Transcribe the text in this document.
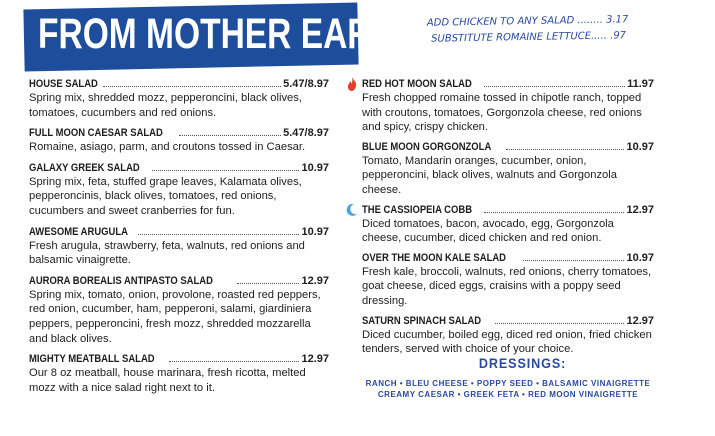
FROM MOTHER EARTH ADD CHICKEN TO ANY SALAD ........ 3.17
SUBSTITUTE ROMAINE LETTUCE..... .97
HOUSE SALAD	5.47/8.97
Spring mix, shredded mozz, pepperoncini, black olives, tomatoes, cucumbers and red onions.
FULL MOON CAESAR SALAD	5.47/8.97
Romaine, asiago, parm, and croutons tossed in Caesar.
GALAXY GREEK SALAD	10.97
Spring mix, feta, stuffed grape leaves, Kalamata olives, pepperoncinis, black olives, tomatoes, red onions, cucumbers and sweet cranberries for fun.
AWESOME ARUGULA	10.97
Fresh arugula, strawberry, feta, walnuts, red onions and balsamic vinaigrette.
AURORA BOREALIS ANTIPASTO SALAD	12.97
Spring mix, tomato, onion, provolone, roasted red peppers, red onion, cucumber, ham, pepperoni, salami, giardiniera peppers, pepperoncini, fresh mozz, shredded mozzarella and black olives.
MIGHTY MEATBALL SALAD	12.97
Our 8 oz meatball, house marinara, fresh ricotta, melted mozz with a nice salad right next to it.
RED HOT MOON SALAD	11.97
Fresh chopped romaine tossed in chipotle ranch, topped with croutons, tomatoes, Gorgonzola cheese, red onions and spicy, crispy chicken.
BLUE MOON GORGONZOLA	10.97
Tomato, Mandarin oranges, cucumber, onion, pepperoncini, black olives, walnuts and Gorgonzola cheese.
THE CASSIOPEIA COBB	12.97
Diced tomatoes, bacon, avocado, egg, Gorgonzola cheese, cucumber, diced chicken and red onion.
OVER THE MOON KALE SALAD	10.97
Fresh kale, broccoli, walnuts, red onions, cherry tomatoes, goat cheese, diced eggs, craisins with a poppy seed dressing.
SATURN SPINACH SALAD	12.97
Diced cucumber, boiled egg, diced red onion, fried chicken tenders, served with choice of your choice.
DRESSINGS:
RANCH • BLEU CHEESE • POPPY SEED • BALSAMIC VINAIGRETTE
CREAMY CAESAR • GREEK FETA • RED MOON VINAIGRETTE
